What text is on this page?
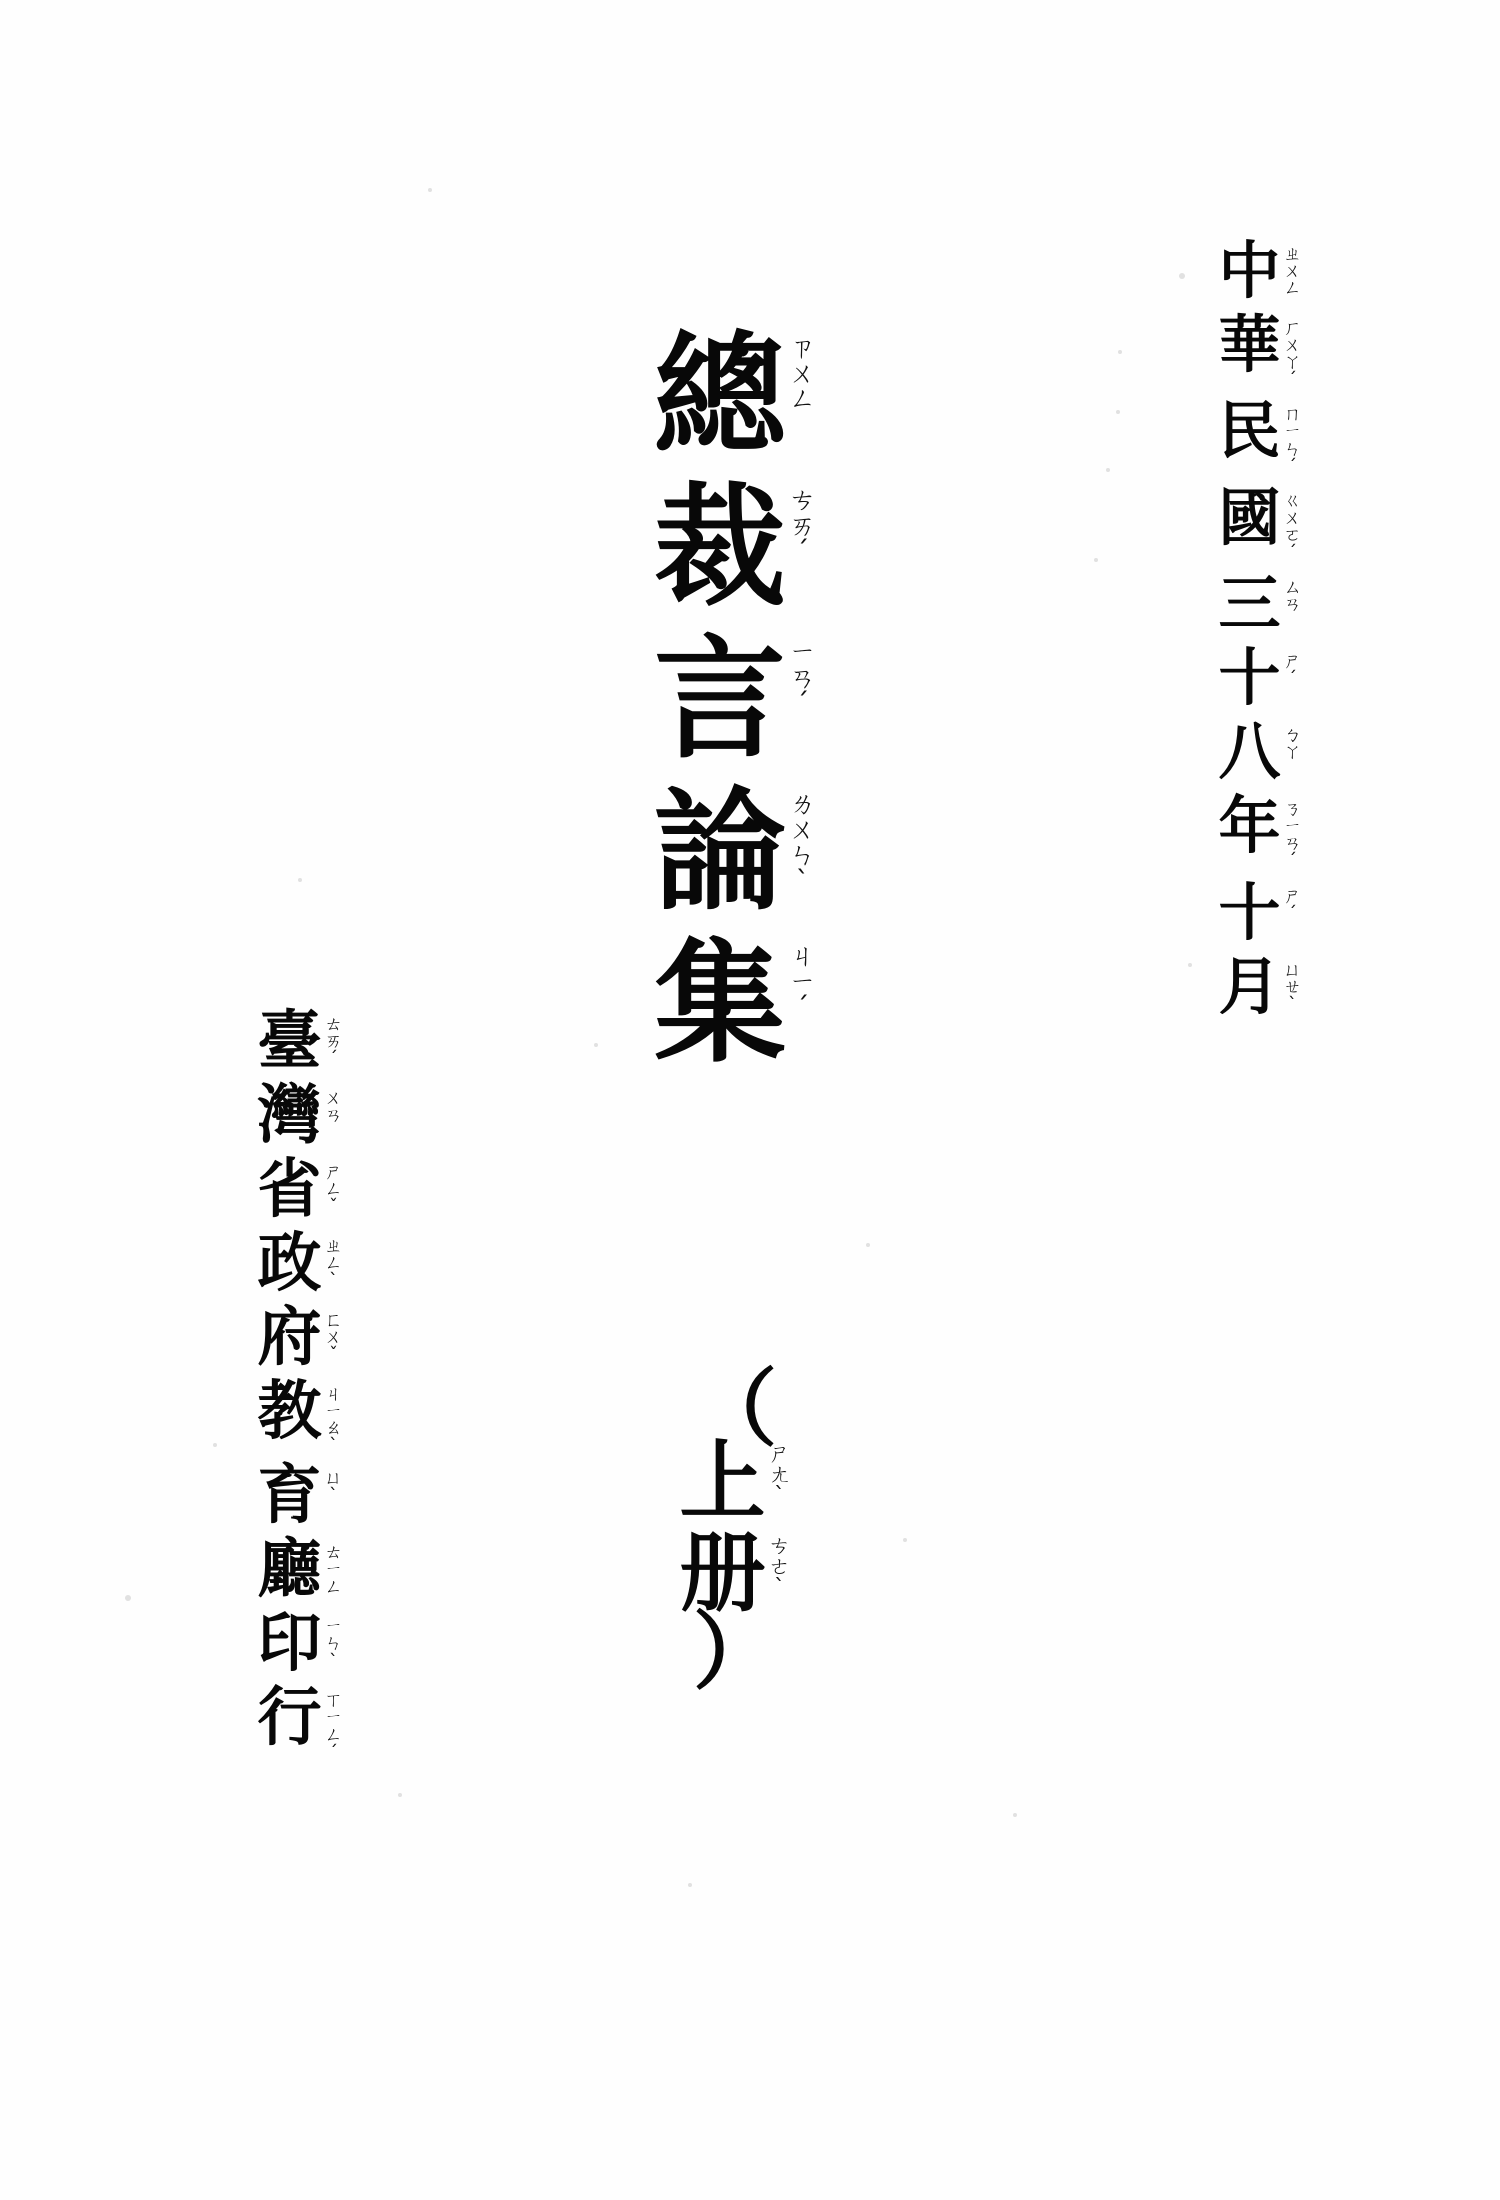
總 ㄗ
ㄨ
ㄥ
裁 ㄘ
ㄞ
ˊ
言 ㄧ
ㄢ
ˊ
論 ㄌ
ㄨ
ㄣ
ˋ
集 ㄐ
ㄧ
ˊ
（
上 ㄕ
ㄤ
ˋ
册 ㄘ
ㄜ
ˋ
）
中 ㄓ
ㄨ
ㄥ
華 ㄏ
ㄨ
ㄚ
ˊ
民 ㄇ
ㄧ
ㄣ
ˊ
國 ㄍ
ㄨ
ㄛ
ˊ
三 ㄙ
ㄢ
十 ㄕ
ˊ
八 ㄅ
ㄚ
年 ㄋ
ㄧ
ㄢ
ˊ
十 ㄕ
ˊ
月 ㄩ
ㄝ
ˋ
臺 ㄊ
ㄞ
ˊ
灣 ㄨ
ㄢ
省 ㄕ
ㄥ
ˇ
政 ㄓ
ㄥ
ˋ
府 ㄈ
ㄨ
ˇ
教 ㄐ
ㄧ
ㄠ
ˋ
育 ㄩ
ˋ
廳 ㄊ
ㄧ
ㄥ
印 ㄧ
ㄣ
ˋ
行 ㄒ
ㄧ
ㄥ
ˊ
